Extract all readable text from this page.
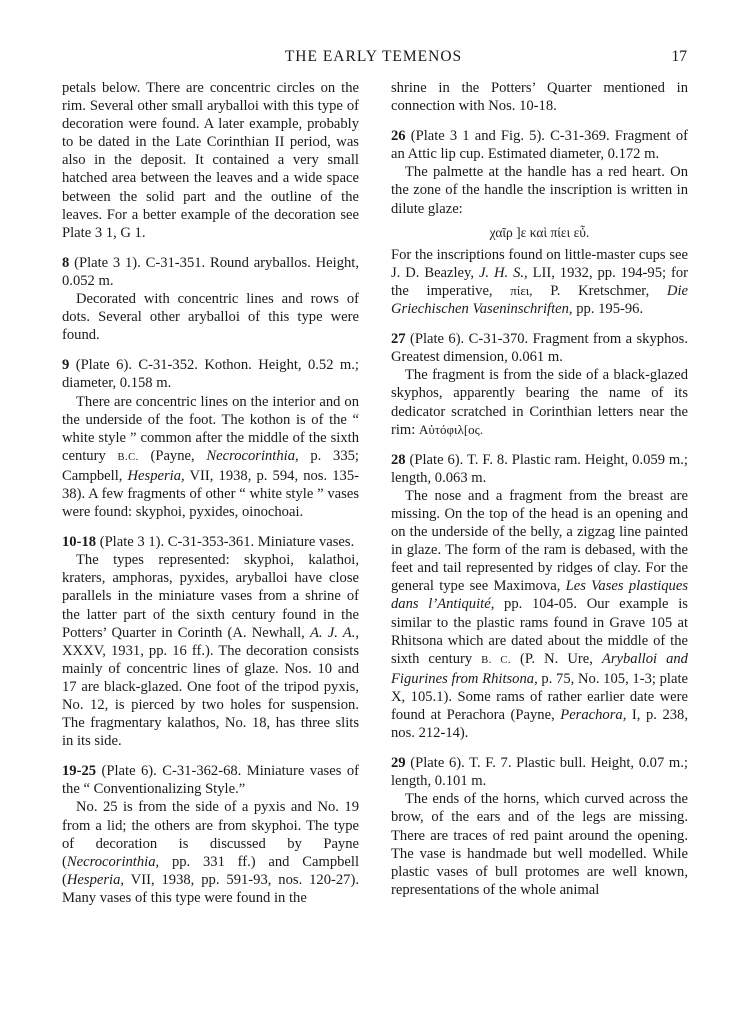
THE EARLY TEMENOS	17

petals below. There are concentric circles on the rim. Several other small aryballoi with this type of decoration were found. A later example, probably to be dated in the Late Corinthian II period, was also in the deposit. It contained a very small hatched area between the leaves and a wide space between the solid part and the outline of the leaves. For a better example of the decoration see Plate 3 1, G 1.

8 (Plate 3 1). C-31-351. Round aryballos. Height, 0.052 m.

Decorated with concentric lines and rows of dots. Several other aryballoi of this type were found.

9 (Plate 6). C-31-352. Kothon. Height, 0.52 m.; diameter, 0.158 m.

There are concentric lines on the interior and on the underside of the foot. The kothon is of the “ white style ” common after the middle of the sixth century B.C. (Payne, Necrocorinthia, p. 335; Campbell, Hesperia, VII, 1938, p. 594, nos. 135-38). A few fragments of other “ white style ” vases were found: skyphoi, pyxides, oinochoai.

10-18 (Plate 3 1). C-31-353-361. Miniature vases.

The types represented: skyphoi, kalathoi, kraters, amphoras, pyxides, aryballoi have close parallels in the miniature vases from a shrine of the latter part of the sixth century found in the Potters’ Quarter in Corinth (A. Newhall, A. J. A., XXXV, 1931, pp. 16 ff.). The decoration consists mainly of concentric lines of glaze. Nos. 10 and 17 are black-glazed. One foot of the tripod pyxis, No. 12, is pierced by two holes for suspension. The fragmentary kalathos, No. 18, has three slits in its side.

19-25 (Plate 6). C-31-362-68. Miniature vases of the “ Conventionalizing Style.”

No. 25 is from the side of a pyxis and No. 19 from a lid; the others are from skyphoi. The type of decoration is discussed by Payne (Necrocorinthia, pp. 331 ff.) and Campbell (Hesperia, VII, 1938, pp. 591-93, nos. 120-27). Many vases of this type were found in the

shrine in the Potters’ Quarter mentioned in connection with Nos. 10-18.

26 (Plate 3 1 and Fig. 5). C-31-369. Fragment of an Attic lip cup. Estimated diameter, 0.172 m.

The palmette at the handle has a red heart. On the zone of the handle the inscription is written in dilute glaze:

χαῖρ ]ε καὶ πίει εὖ.

For the inscriptions found on little-master cups see J. D. Beazley, J. H. S., LII, 1932, pp. 194-95; for the imperative, πίει, P. Kretschmer, Die Griechischen Vaseninschriften, pp. 195-96.

27 (Plate 6). C-31-370. Fragment from a skyphos. Greatest dimension, 0.061 m.

The fragment is from the side of a black-glazed skyphos, apparently bearing the name of its dedicator scratched in Corinthian letters near the rim: Αὐτόφιλ[ος.

28 (Plate 6). T. F. 8. Plastic ram. Height, 0.059 m.; length, 0.063 m.

The nose and a fragment from the breast are missing. On the top of the head is an opening and on the underside of the belly, a zigzag line painted in glaze. The form of the ram is debased, with the feet and tail represented by ridges of clay. For the general type see Maximova, Les Vases plastiques dans l’Antiquité, pp. 104-05. Our example is similar to the plastic rams found in Grave 105 at Rhitsona which are dated about the middle of the sixth century B. C. (P. N. Ure, Aryballoi and Figurines from Rhitsona, p. 75, No. 105, 1-3; plate X, 105.1). Some rams of rather earlier date were found at Perachora (Payne, Perachora, I, p. 238, nos. 212-14).

29 (Plate 6). T. F. 7. Plastic bull. Height, 0.07 m.; length, 0.101 m.

The ends of the horns, which curved across the brow, of the ears and of the legs are missing. There are traces of red paint around the opening. The vase is handmade but well modelled. While plastic vases of bull protomes are well known, representations of the whole animal
